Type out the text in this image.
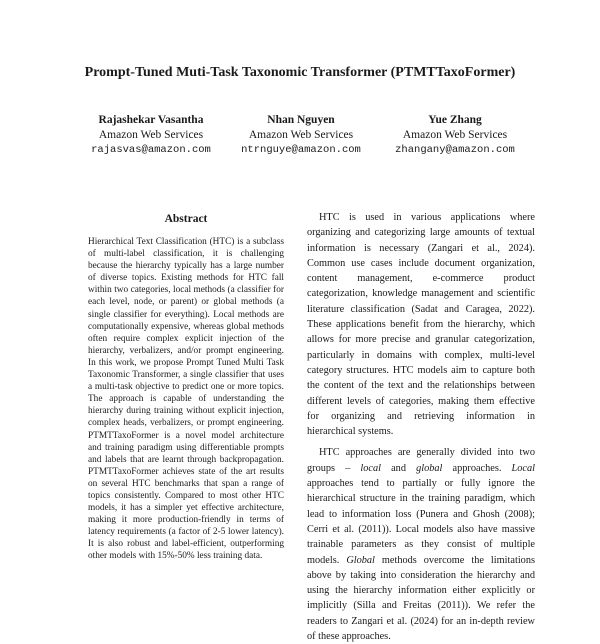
Prompt-Tuned Muti-Task Taxonomic Transformer (PTMTTaxoFormer)
Rajashekar Vasantha
Amazon Web Services
rajasvas@amazon.com
Nhan Nguyen
Amazon Web Services
ntrnguye@amazon.com
Yue Zhang
Amazon Web Services
zhangany@amazon.com
Abstract
Hierarchical Text Classification (HTC) is a subclass of multi-label classification, it is challenging because the hierarchy typically has a large number of diverse topics. Existing methods for HTC fall within two categories, local methods (a classifier for each level, node, or parent) or global methods (a single classifier for everything). Local methods are computationally expensive, whereas global methods often require complex explicit injection of the hierarchy, verbalizers, and/or prompt engineering. In this work, we propose Prompt Tuned Multi Task Taxonomic Transformer, a single classifier that uses a multi-task objective to predict one or more topics. The approach is capable of understanding the hierarchy during training without explicit injection, complex heads, verbalizers, or prompt engineering. PTMTTaxoFormer is a novel model architecture and training paradigm using differentiable prompts and labels that are learnt through backpropagation. PTMTTaxoFormer achieves state of the art results on several HTC benchmarks that span a range of topics consistently. Compared to most other HTC models, it has a simpler yet effective architecture, making it more production-friendly in terms of latency requirements (a factor of 2-5 lower latency). It is also robust and label-efficient, outperforming other models with 15%-50% less training data.

HTC is used in various applications where organizing and categorizing large amounts of textual information is necessary (Zangari et al., 2024). Common use cases include document organization, content management, e-commerce product categorization, knowledge management and scientific literature classification (Sadat and Caragea, 2022). These applications benefit from the hierarchy, which allows for more precise and granular categorization, particularly in domains with complex, multi-level category structures. HTC models aim to capture both the content of the text and the relationships between different levels of categories, making them effective for organizing and retrieving information in hierarchical systems.

HTC approaches are generally divided into two groups – local and global approaches. Local approaches tend to partially or fully ignore the hierarchical structure in the training paradigm, which lead to information loss (Punera and Ghosh (2008); Cerri et al. (2011)). Local models also have massive trainable parameters as they consist of multiple models. Global methods overcome the limitations above by taking into consideration the hierarchy and using the hierarchy information either explicitly or implicitly (Silla and Freitas (2011)). We refer the readers to Zangari et al. (2024) for an in-depth review of these approaches.
